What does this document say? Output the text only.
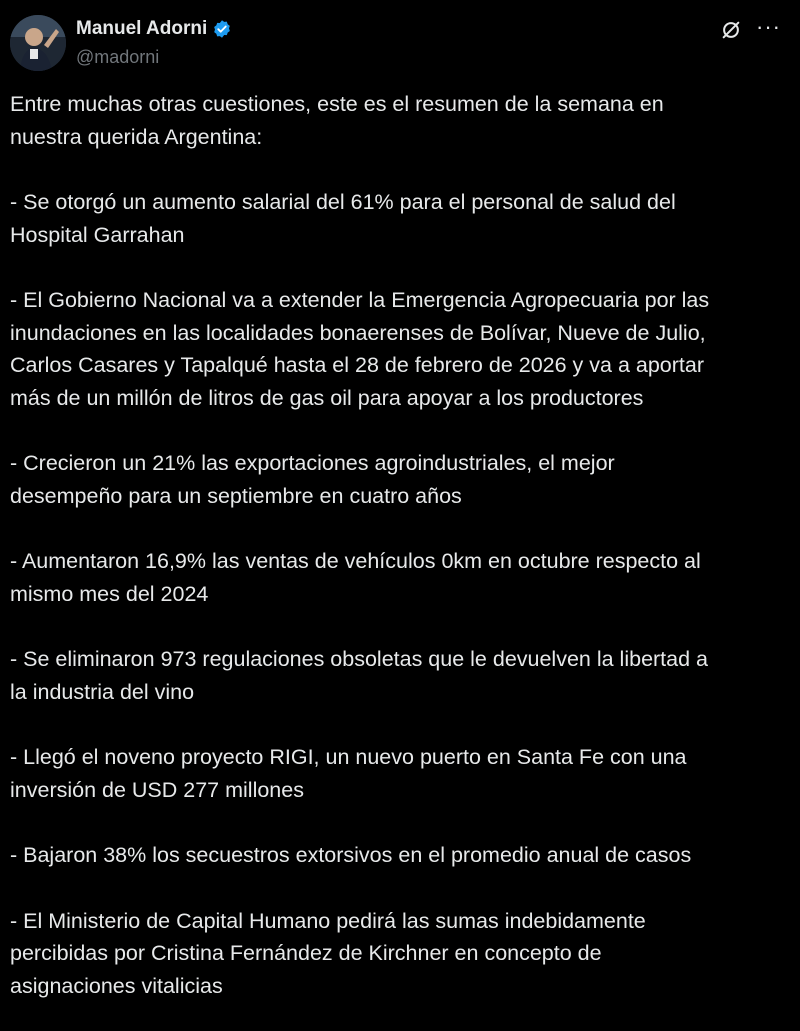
Manuel Adorni
@madorni
···

Entre muchas otras cuestiones, este es el resumen de la semana en
nuestra querida Argentina:

- Se otorgó un aumento salarial del 61% para el personal de salud del
Hospital Garrahan

- El Gobierno Nacional va a extender la Emergencia Agropecuaria por las
inundaciones en las localidades bonaerenses de Bolívar, Nueve de Julio,
Carlos Casares y Tapalqué hasta el 28 de febrero de 2026 y va a aportar
más de un millón de litros de gas oil para apoyar a los productores

- Crecieron un 21% las exportaciones agroindustriales, el mejor
desempeño para un septiembre en cuatro años

- Aumentaron 16,9% las ventas de vehículos 0km en octubre respecto al
mismo mes del 2024

- Se eliminaron 973 regulaciones obsoletas que le devuelven la libertad a
la industria del vino

- Llegó el noveno proyecto RIGI, un nuevo puerto en Santa Fe con una
inversión de USD 277 millones

- Bajaron 38% los secuestros extorsivos en el promedio anual de casos

- El Ministerio de Capital Humano pedirá las sumas indebidamente
percibidas por Cristina Fernández de Kirchner en concepto de
asignaciones vitalicias
